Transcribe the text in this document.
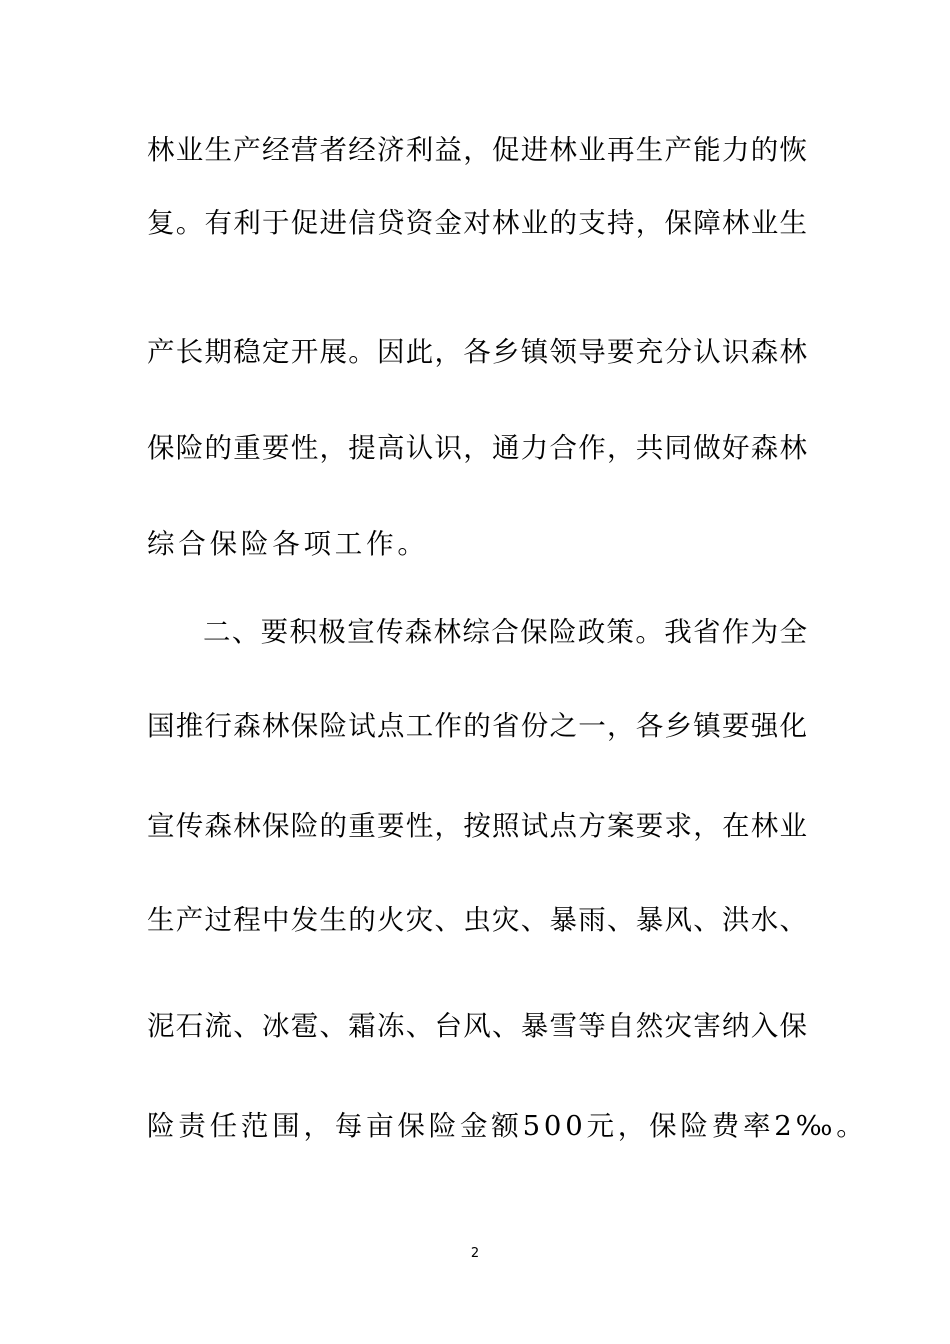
林业生产经营者经济利益，促进林业再生产能力的恢
复。有利于促进信贷资金对林业的支持，保障林业生
产长期稳定开展。因此，各乡镇领导要充分认识森林
保险的重要性，提高认识，通力合作，共同做好森林
综合保险各项工作。
二、要积极宣传森林综合保险政策。我省作为全
国推行森林保险试点工作的省份之一，各乡镇要强化
宣传森林保险的重要性，按照试点方案要求，在林业
生产过程中发生的火灾、虫灾、暴雨、暴风、洪水、
泥石流、冰雹、霜冻、台风、暴雪等自然灾害纳入保
险责任范围，每亩保险金额500元，保险费率2‰。
2
